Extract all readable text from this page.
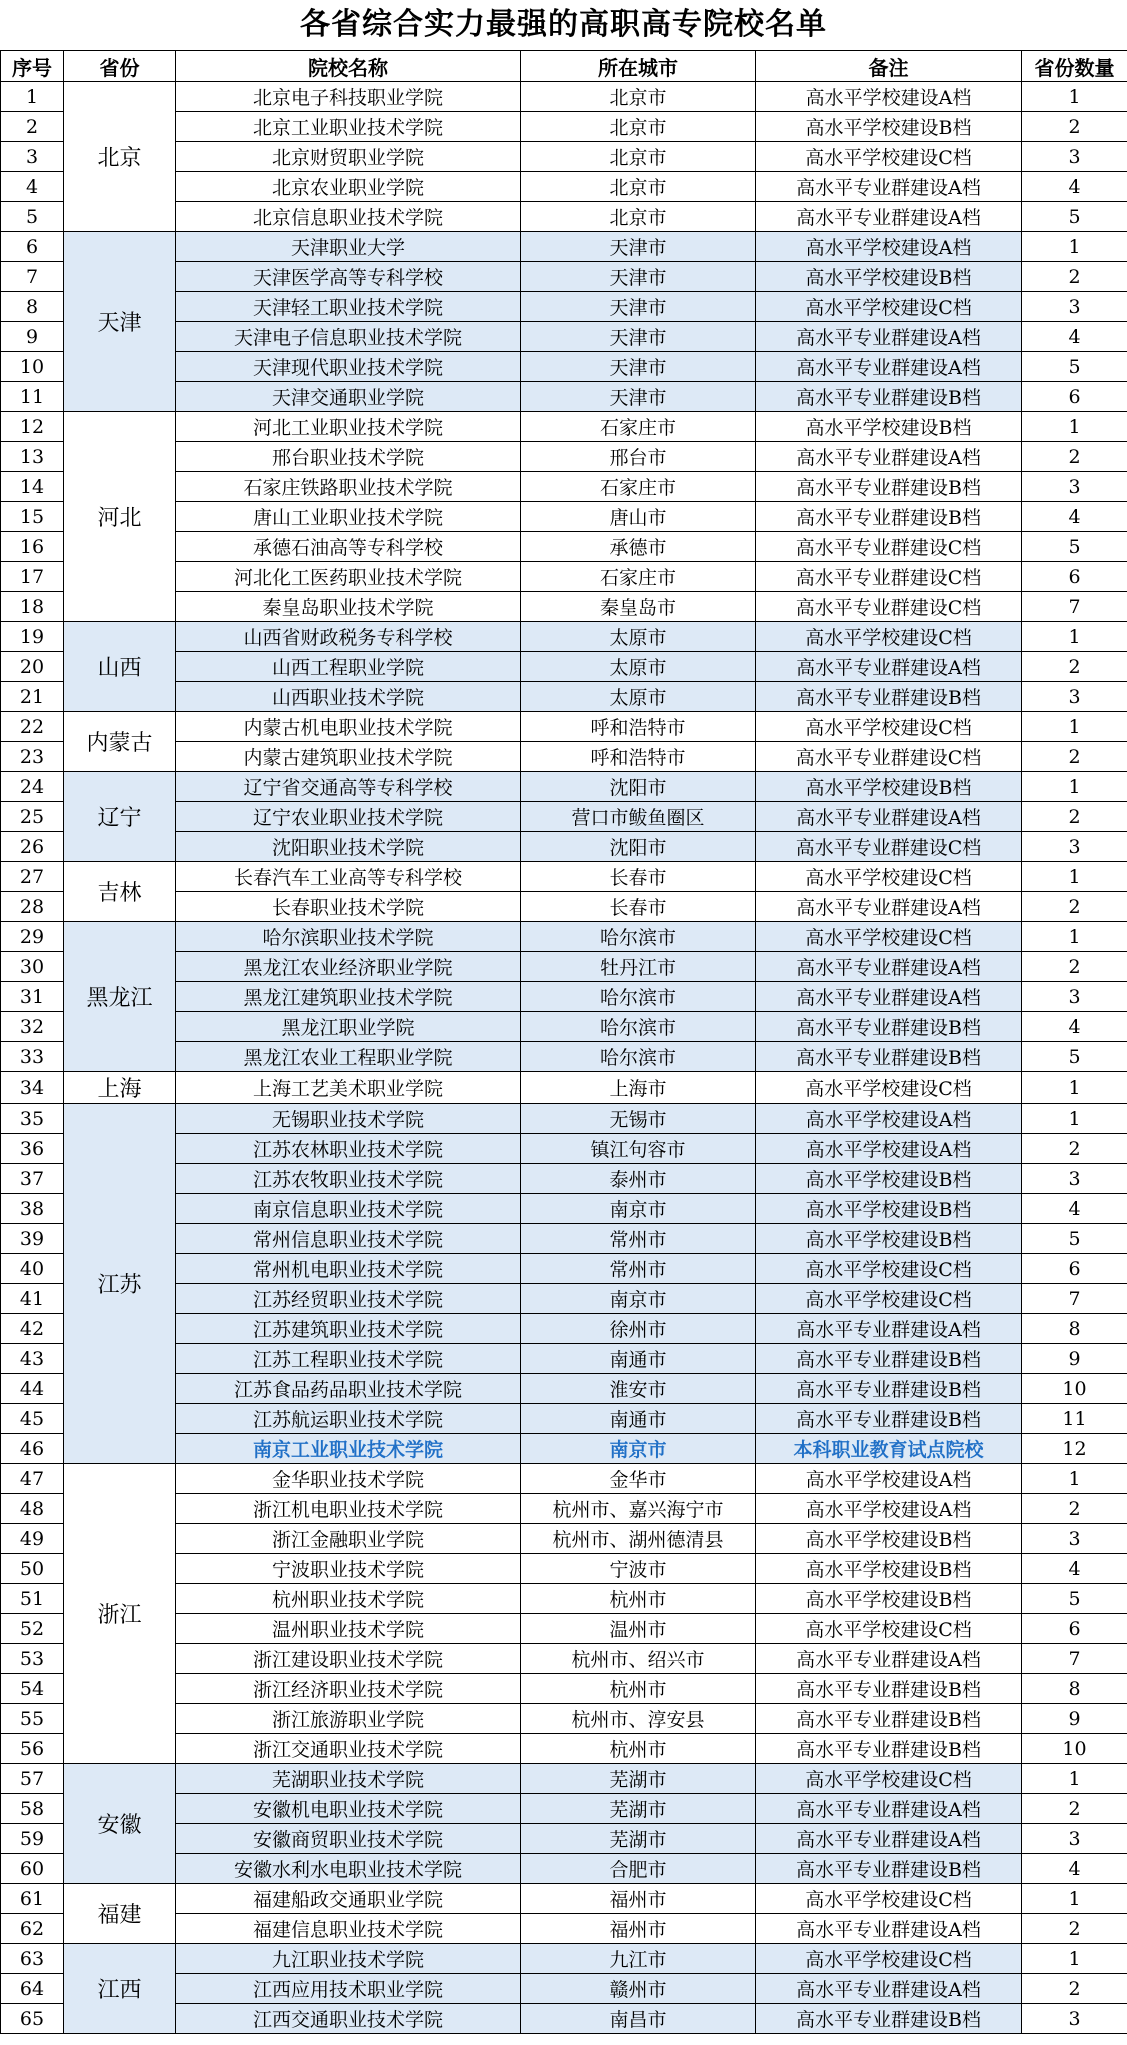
各省综合实力最强的高职高专院校名单
序号	省份	院校名称	所在城市	备注	省份数量
1	北京	北京电子科技职业学院	北京市	高水平学校建设A档	1
2		北京工业职业技术学院	北京市	高水平学校建设B档	2
3		北京财贸职业学院	北京市	高水平学校建设C档	3
4		北京农业职业学院	北京市	高水平专业群建设A档	4
5		北京信息职业技术学院	北京市	高水平专业群建设A档	5
6	天津	天津职业大学	天津市	高水平学校建设A档	1
7		天津医学高等专科学校	天津市	高水平学校建设B档	2
8		天津轻工职业技术学院	天津市	高水平学校建设C档	3
9		天津电子信息职业技术学院	天津市	高水平专业群建设A档	4
10		天津现代职业技术学院	天津市	高水平专业群建设A档	5
11		天津交通职业学院	天津市	高水平专业群建设B档	6
12	河北	河北工业职业技术学院	石家庄市	高水平学校建设B档	1
13		邢台职业技术学院	邢台市	高水平专业群建设A档	2
14		石家庄铁路职业技术学院	石家庄市	高水平专业群建设B档	3
15		唐山工业职业技术学院	唐山市	高水平专业群建设B档	4
16		承德石油高等专科学校	承德市	高水平专业群建设C档	5
17		河北化工医药职业技术学院	石家庄市	高水平专业群建设C档	6
18		秦皇岛职业技术学院	秦皇岛市	高水平专业群建设C档	7
19	山西	山西省财政税务专科学校	太原市	高水平学校建设C档	1
20		山西工程职业学院	太原市	高水平专业群建设A档	2
21		山西职业技术学院	太原市	高水平专业群建设B档	3
22	内蒙古	内蒙古机电职业技术学院	呼和浩特市	高水平学校建设C档	1
23		内蒙古建筑职业技术学院	呼和浩特市	高水平专业群建设C档	2
24	辽宁	辽宁省交通高等专科学校	沈阳市	高水平学校建设B档	1
25		辽宁农业职业技术学院	营口市鲅鱼圈区	高水平专业群建设A档	2
26		沈阳职业技术学院	沈阳市	高水平专业群建设C档	3
27	吉林	长春汽车工业高等专科学校	长春市	高水平学校建设C档	1
28		长春职业技术学院	长春市	高水平专业群建设A档	2
29	黑龙江	哈尔滨职业技术学院	哈尔滨市	高水平学校建设C档	1
30		黑龙江农业经济职业学院	牡丹江市	高水平专业群建设A档	2
31		黑龙江建筑职业技术学院	哈尔滨市	高水平专业群建设A档	3
32		黑龙江职业学院	哈尔滨市	高水平专业群建设B档	4
33		黑龙江农业工程职业学院	哈尔滨市	高水平专业群建设B档	5
34	上海	上海工艺美术职业学院	上海市	高水平学校建设C档	1
35	江苏	无锡职业技术学院	无锡市	高水平学校建设A档	1
36		江苏农林职业技术学院	镇江句容市	高水平学校建设A档	2
37		江苏农牧职业技术学院	泰州市	高水平学校建设B档	3
38		南京信息职业技术学院	南京市	高水平学校建设B档	4
39		常州信息职业技术学院	常州市	高水平学校建设B档	5
40		常州机电职业技术学院	常州市	高水平学校建设C档	6
41		江苏经贸职业技术学院	南京市	高水平学校建设C档	7
42		江苏建筑职业技术学院	徐州市	高水平专业群建设A档	8
43		江苏工程职业技术学院	南通市	高水平专业群建设B档	9
44		江苏食品药品职业技术学院	淮安市	高水平专业群建设B档	10
45		江苏航运职业技术学院	南通市	高水平专业群建设B档	11
46		南京工业职业技术学院	南京市	本科职业教育试点院校	12
47	浙江	金华职业技术学院	金华市	高水平学校建设A档	1
48		浙江机电职业技术学院	杭州市、嘉兴海宁市	高水平学校建设A档	2
49		浙江金融职业学院	杭州市、湖州德清县	高水平学校建设B档	3
50		宁波职业技术学院	宁波市	高水平学校建设B档	4
51		杭州职业技术学院	杭州市	高水平学校建设B档	5
52		温州职业技术学院	温州市	高水平学校建设C档	6
53		浙江建设职业技术学院	杭州市、绍兴市	高水平专业群建设A档	7
54		浙江经济职业技术学院	杭州市	高水平专业群建设B档	8
55		浙江旅游职业学院	杭州市、淳安县	高水平专业群建设B档	9
56		浙江交通职业技术学院	杭州市	高水平专业群建设B档	10
57	安徽	芜湖职业技术学院	芜湖市	高水平学校建设C档	1
58		安徽机电职业技术学院	芜湖市	高水平专业群建设A档	2
59		安徽商贸职业技术学院	芜湖市	高水平专业群建设A档	3
60		安徽水利水电职业技术学院	合肥市	高水平专业群建设B档	4
61	福建	福建船政交通职业学院	福州市	高水平学校建设C档	1
62		福建信息职业技术学院	福州市	高水平专业群建设A档	2
63	江西	九江职业技术学院	九江市	高水平学校建设C档	1
64		江西应用技术职业学院	赣州市	高水平专业群建设A档	2
65		江西交通职业技术学院	南昌市	高水平专业群建设B档	3
